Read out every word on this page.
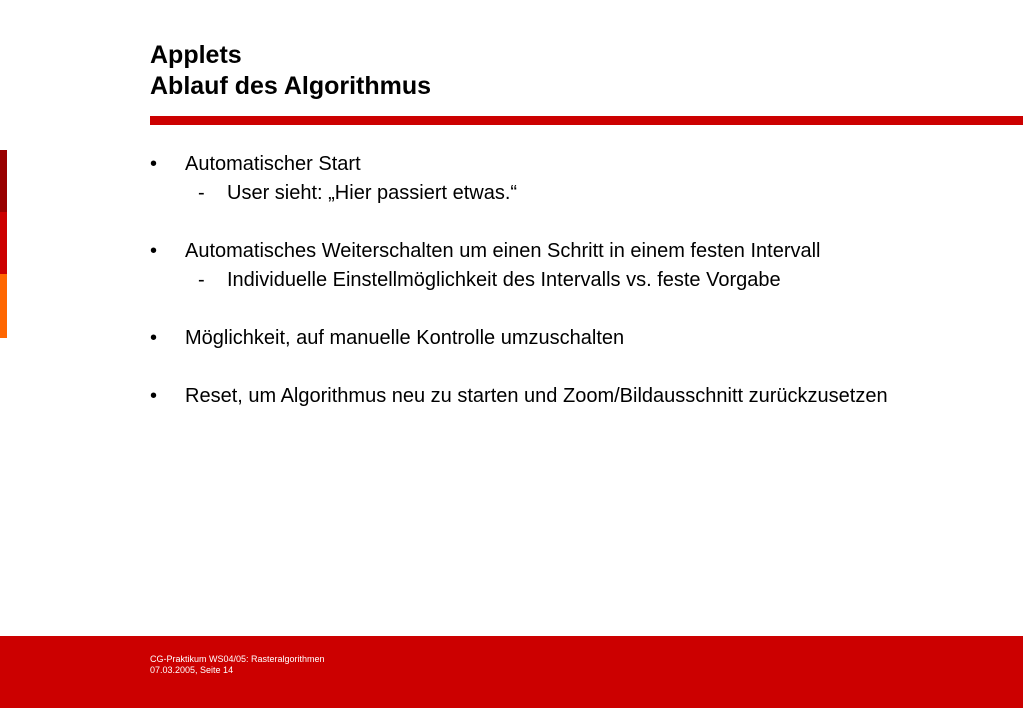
Applets
Ablauf des Algorithmus
•	Automatischer Start
- User sieht: „Hier passiert etwas.“
•	Automatisches Weiterschalten um einen Schritt in einem festen Intervall
- Individuelle Einstellmöglichkeit des Intervalls vs. feste Vorgabe
•	Möglichkeit, auf manuelle Kontrolle umzuschalten
•	Reset, um Algorithmus neu zu starten und Zoom/Bildausschnitt zurückzusetzen
CG-Praktikum WS04/05: Rasteralgorithmen
07.03.2005, Seite 14
